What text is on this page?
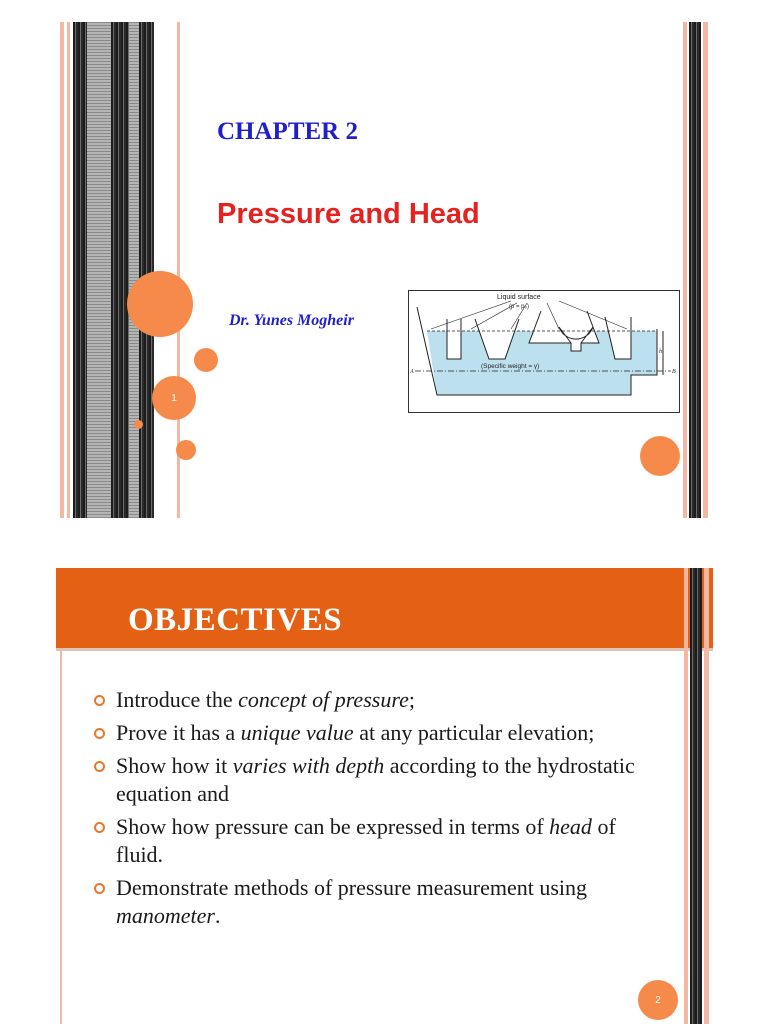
1
CHAPTER 2
Pressure and Head
Dr. Yunes Mogheir
Liquid surface
(p = p₀)
(Specific weight = γ)
A	B
h
OBJECTIVES
Introduce the concept of pressure;
Prove it has a unique value at any particular elevation;
Show how it varies with depth according to the hydrostatic equation and
Show how pressure can be expressed in terms of head of fluid.
Demonstrate methods of pressure measurement using manometer.
2
